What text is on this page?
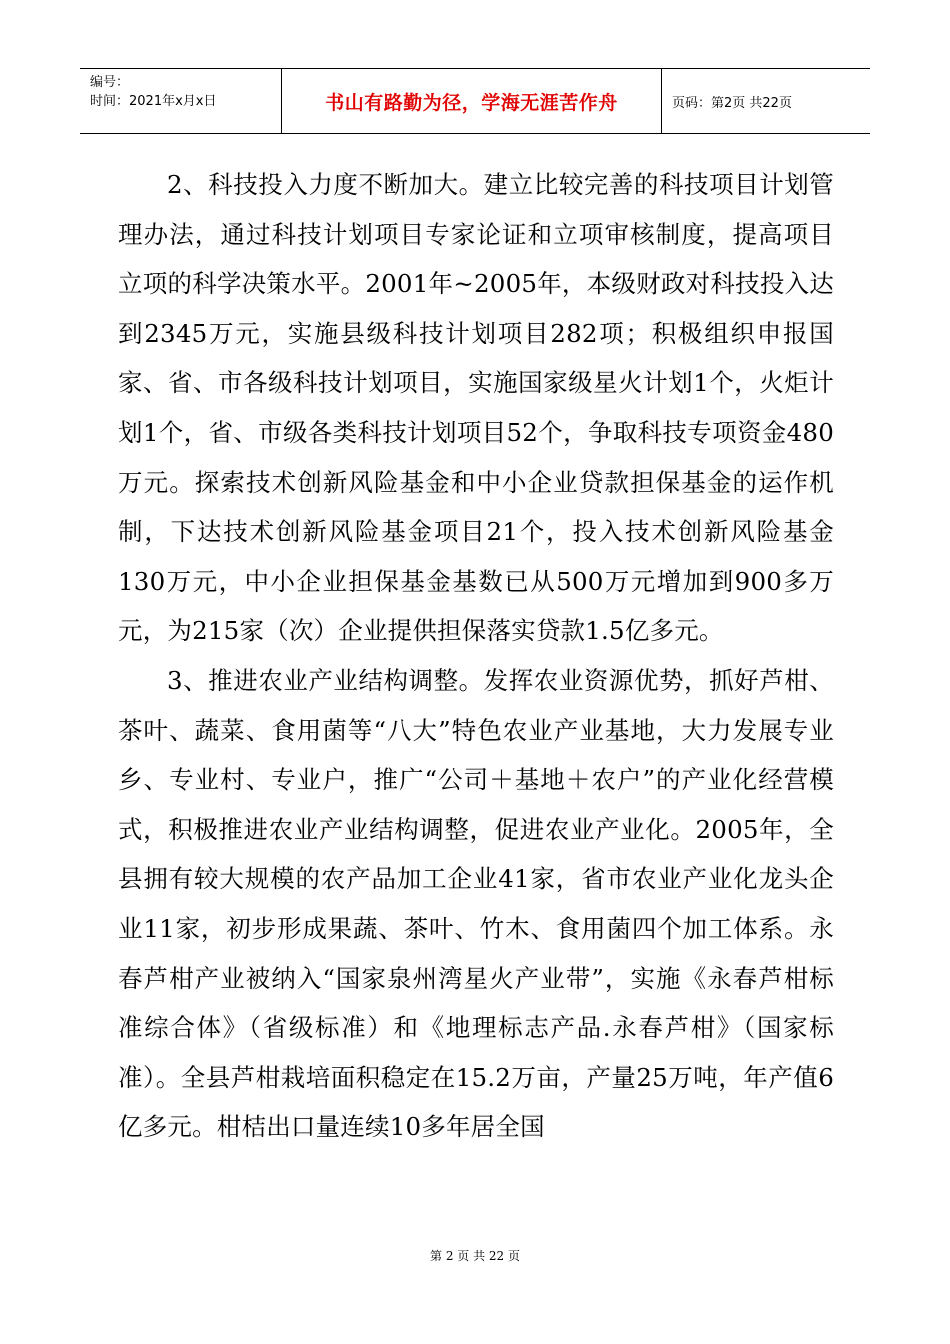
编号：
时间：2021年x月x日	书山有路勤为径，学海无涯苦作舟	页码：第2页 共22页

2、科技投入力度不断加大。建立比较完善的科技项目计划管理办法，通过科技计划项目专家论证和立项审核制度，提高项目立项的科学决策水平。2001年~2005年，本级财政对科技投入达到2345万元，实施县级科技计划项目282项；积极组织申报国家、省、市各级科技计划项目，实施国家级星火计划1个，火炬计划1个，省、市级各类科技计划项目52个，争取科技专项资金480万元。探索技术创新风险基金和中小企业贷款担保基金的运作机制，下达技术创新风险基金项目21个，投入技术创新风险基金130万元，中小企业担保基金基数已从500万元增加到900多万元，为215家（次）企业提供担保落实贷款1.5亿多元。

3、推进农业产业结构调整。发挥农业资源优势，抓好芦柑、茶叶、蔬菜、食用菌等“八大”特色农业产业基地，大力发展专业乡、专业村、专业户，推广“公司＋基地＋农户”的产业化经营模式，积极推进农业产业结构调整，促进农业产业化。2005年，全县拥有较大规模的农产品加工企业41家，省市农业产业化龙头企业11家，初步形成果蔬、茶叶、竹木、食用菌四个加工体系。永春芦柑产业被纳入“国家泉州湾星火产业带”，实施《永春芦柑标准综合体》（省级标准）和《地理标志产品.永春芦柑》（国家标准）。全县芦柑栽培面积稳定在15.2万亩，产量25万吨，年产值6亿多元。柑桔出口量连续10多年居全国

第 2 页 共 22 页
